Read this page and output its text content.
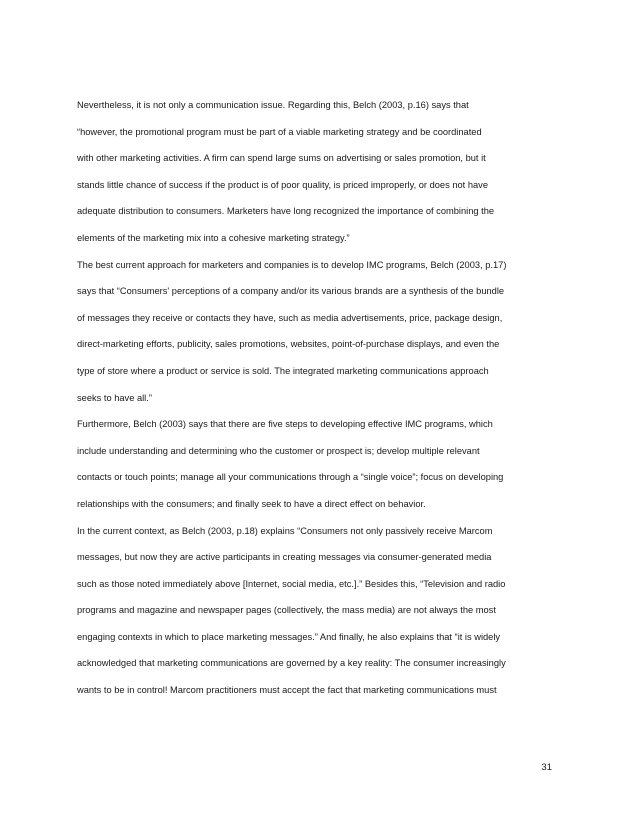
Nevertheless, it is not only a communication issue. Regarding this, Belch (2003, p.16) says that
“however, the promotional program must be part of a viable marketing strategy and be coordinated
with other marketing activities. A firm can spend large sums on advertising or sales promotion, but it
stands little chance of success if the product is of poor quality, is priced improperly, or does not have
adequate distribution to consumers. Marketers have long recognized the importance of combining the
elements of the marketing mix into a cohesive marketing strategy.”
The best current approach for marketers and companies is to develop IMC programs, Belch (2003, p.17)
says that “Consumers' perceptions of a company and/or its various brands are a synthesis of the bundle
of messages they receive or contacts they have, such as media advertisements, price, package design,
direct-marketing efforts, publicity, sales promotions, websites, point-of-purchase displays, and even the
type of store where a product or service is sold. The integrated marketing communications approach
seeks to have all.”
Furthermore, Belch (2003) says that there are five steps to developing effective IMC programs, which
include understanding and determining who the customer or prospect is; develop multiple relevant
contacts or touch points; manage all your communications through a “single voice”; focus on developing
relationships with the consumers; and finally seek to have a direct effect on behavior.
In the current context, as Belch (2003, p.18) explains “Consumers not only passively receive Marcom
messages, but now they are active participants in creating messages via consumer-generated media
such as those noted immediately above [Internet, social media, etc.].” Besides this, “Television and radio
programs and magazine and newspaper pages (collectively, the mass media) are not always the most
engaging contexts in which to place marketing messages.” And finally, he also explains that “it is widely
acknowledged that marketing communications are governed by a key reality: The consumer increasingly
wants to be in control! Marcom practitioners must accept the fact that marketing communications must
31
